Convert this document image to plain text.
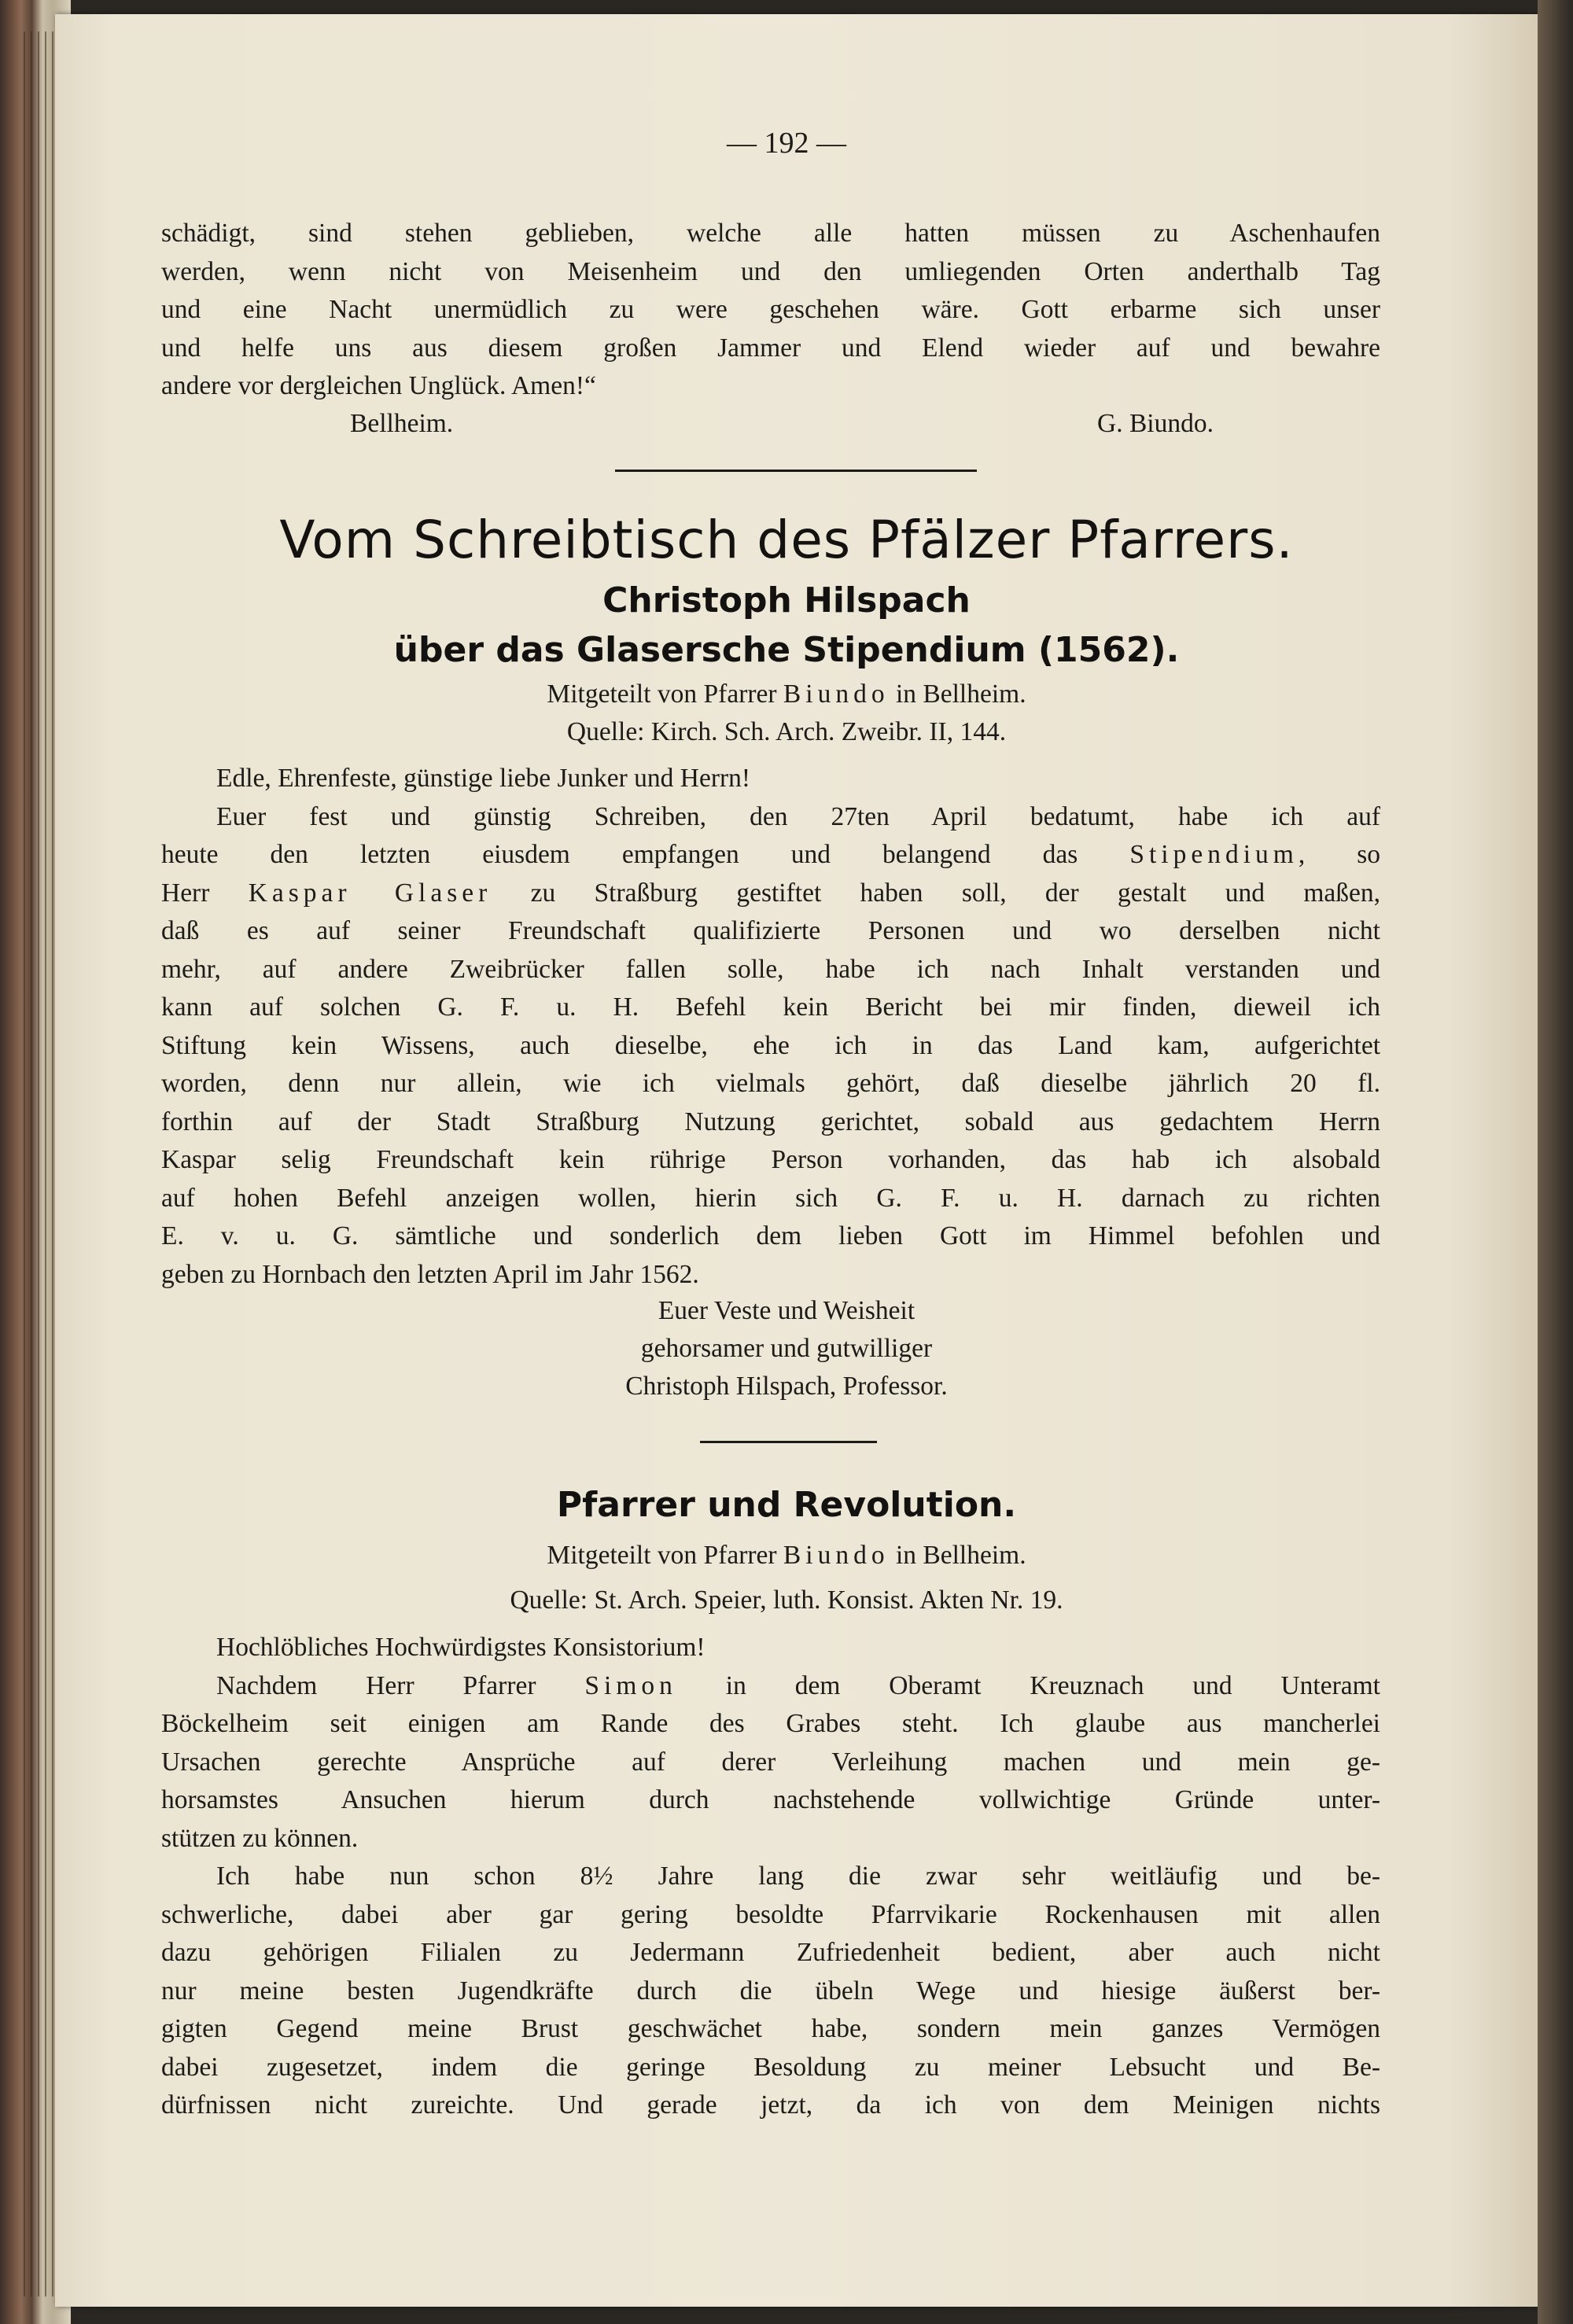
— 192 —
schädigt, sind stehen geblieben, welche alle hatten müssen zu Aschenhaufen
werden, wenn nicht von Meisenheim und den umliegenden Orten anderthalb Tag
und eine Nacht unermüdlich zu were geschehen wäre. Gott erbarme sich unser
und helfe uns aus diesem großen Jammer und Elend wieder auf und bewahre
andere vor dergleichen Unglück. Amen!“
Bellheim.	G. Biundo.
Vom Schreibtisch des Pfälzer Pfarrers.
Christoph Hilspach
über das Glasersche Stipendium (1562).
Mitgeteilt von Pfarrer Biundo in Bellheim.
Quelle: Kirch. Sch. Arch. Zweibr. II, 144.
Edle, Ehrenfeste, günstige liebe Junker und Herrn!
Euer fest und günstig Schreiben, den 27ten April bedatumt, habe ich auf
heute den letzten eiusdem empfangen und belangend das Stipendium, so
Herr Kaspar Glaser zu Straßburg gestiftet haben soll, der gestalt und maßen,
daß es auf seiner Freundschaft qualifizierte Personen und wo derselben nicht
mehr, auf andere Zweibrücker fallen solle, habe ich nach Inhalt verstanden und
kann auf solchen G. F. u. H. Befehl kein Bericht bei mir finden, dieweil ich
Stiftung kein Wissens, auch dieselbe, ehe ich in das Land kam, aufgerichtet
worden, denn nur allein, wie ich vielmals gehört, daß dieselbe jährlich 20 fl.
forthin auf der Stadt Straßburg Nutzung gerichtet, sobald aus gedachtem Herrn
Kaspar selig Freundschaft kein rührige Person vorhanden, das hab ich alsobald
auf hohen Befehl anzeigen wollen, hierin sich G. F. u. H. darnach zu richten
E. v. u. G. sämtliche und sonderlich dem lieben Gott im Himmel befohlen und
geben zu Hornbach den letzten April im Jahr 1562.
Euer Veste und Weisheit
gehorsamer und gutwilliger
Christoph Hilspach, Professor.
Pfarrer und Revolution.
Mitgeteilt von Pfarrer Biundo in Bellheim.
Quelle: St. Arch. Speier, luth. Konsist. Akten Nr. 19.
Hochlöbliches Hochwürdigstes Konsistorium!
Nachdem Herr Pfarrer Simon in dem Oberamt Kreuznach und Unteramt
Böckelheim seit einigen am Rande des Grabes steht. Ich glaube aus mancherlei
Ursachen gerechte Ansprüche auf derer Verleihung machen und mein ge-
horsamstes Ansuchen hierum durch nachstehende vollwichtige Gründe unter-
stützen zu können.
Ich habe nun schon 8½ Jahre lang die zwar sehr weitläufig und be-
schwerliche, dabei aber gar gering besoldte Pfarrvikarie Rockenhausen mit allen
dazu gehörigen Filialen zu Jedermann Zufriedenheit bedient, aber auch nicht
nur meine besten Jugendkräfte durch die übeln Wege und hiesige äußerst ber-
gigten Gegend meine Brust geschwächet habe, sondern mein ganzes Vermögen
dabei zugesetzet, indem die geringe Besoldung zu meiner Lebsucht und Be-
dürfnissen nicht zureichte. Und gerade jetzt, da ich von dem Meinigen nichts
